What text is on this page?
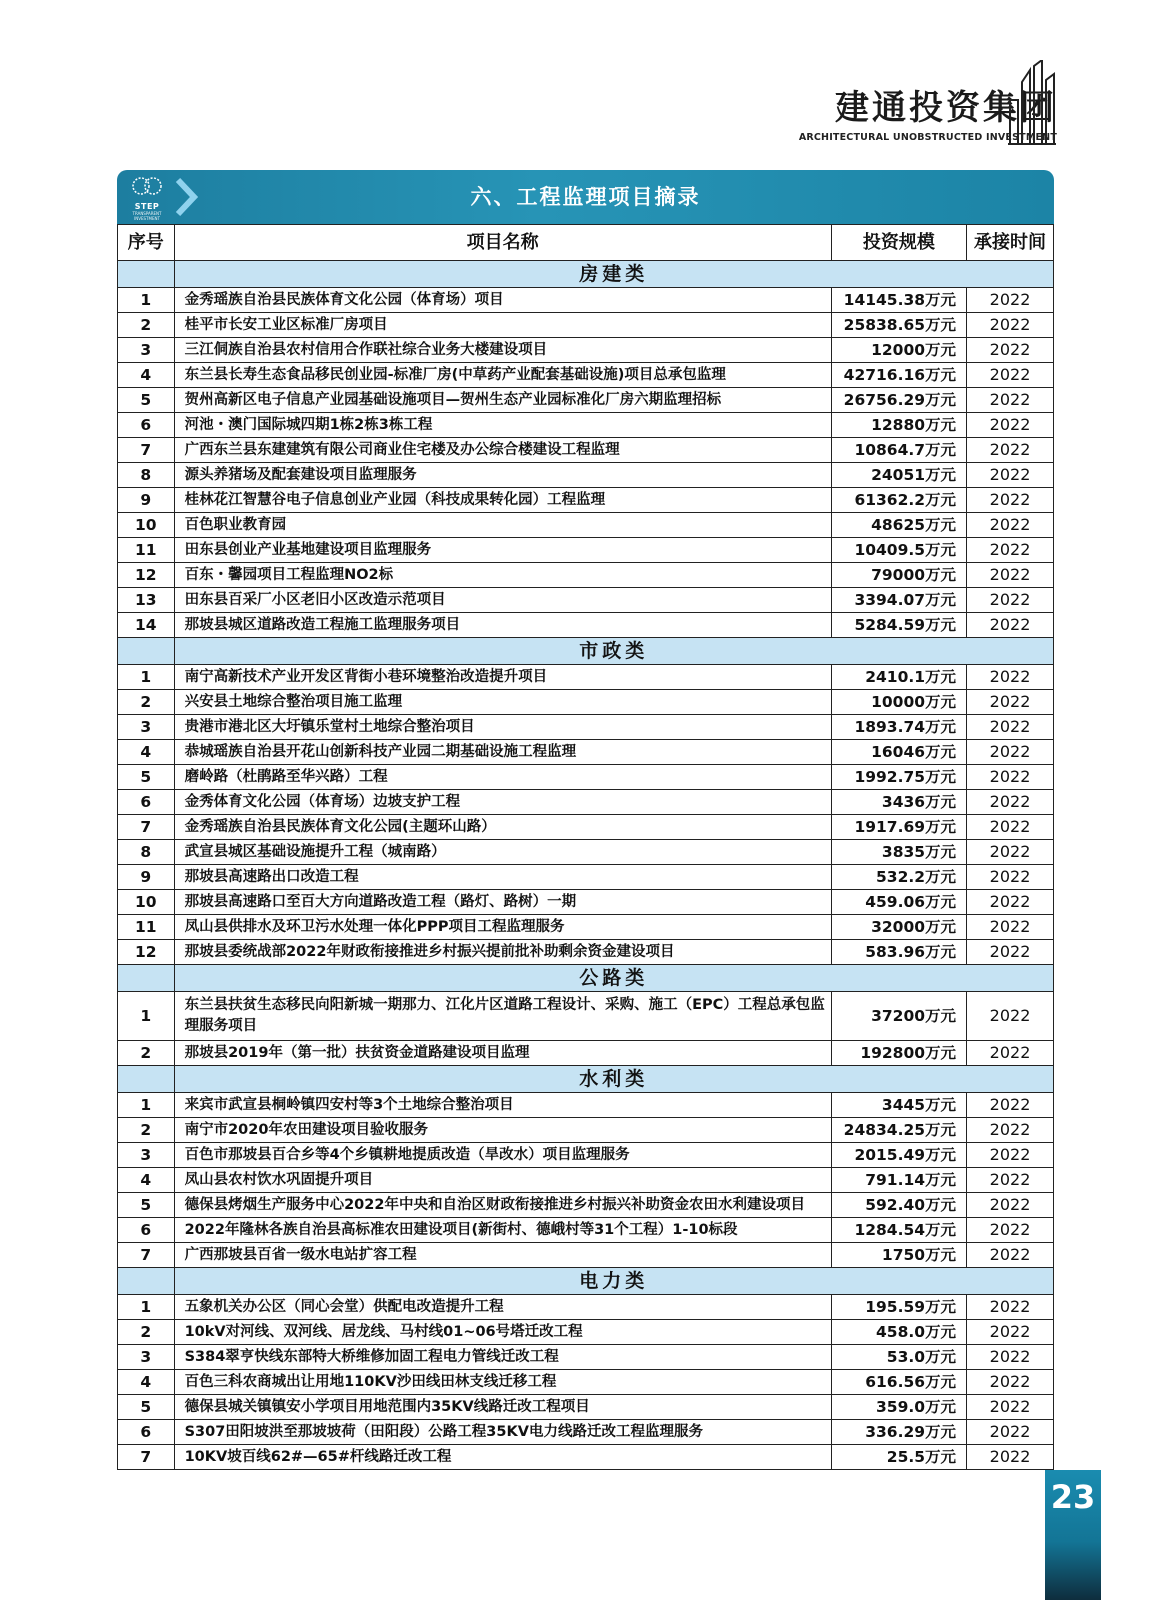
建通投资集团
ARCHITECTURAL UNOBSTRUCTED INVESTMENT
STEP
TRANSPARENT INVESTMENT
六、工程监理项目摘录
序号	项目名称	投资规模	承接时间
	房建类		
1	金秀瑶族自治县民族体育文化公园（体育场）项目	14145.38万元	2022
2	桂平市长安工业区标准厂房项目	25838.65万元	2022
3	三江侗族自治县农村信用合作联社综合业务大楼建设项目	12000万元	2022
4	东兰县长寿生态食品移民创业园-标准厂房(中草药产业配套基础设施)项目总承包监理	42716.16万元	2022
5	贺州高新区电子信息产业园基础设施项目—贺州生态产业园标准化厂房六期监理招标	26756.29万元	2022
6	河池・澳门国际城四期1栋2栋3栋工程	12880万元	2022
7	广西东兰县东建建筑有限公司商业住宅楼及办公综合楼建设工程监理	10864.7万元	2022
8	源头养猪场及配套建设项目监理服务	24051万元	2022
9	桂林花江智慧谷电子信息创业产业园（科技成果转化园）工程监理	61362.2万元	2022
10	百色职业教育园	48625万元	2022
11	田东县创业产业基地建设项目监理服务	10409.5万元	2022
12	百东・馨园项目工程监理NO2标	79000万元	2022
13	田东县百采厂小区老旧小区改造示范项目	3394.07万元	2022
14	那坡县城区道路改造工程施工监理服务项目	5284.59万元	2022
	市政类		
1	南宁高新技术产业开发区背街小巷环境整治改造提升项目	2410.1万元	2022
2	兴安县土地综合整治项目施工监理	10000万元	2022
3	贵港市港北区大圩镇乐堂村土地综合整治项目	1893.74万元	2022
4	恭城瑶族自治县开花山创新科技产业园二期基础设施工程监理	16046万元	2022
5	磨岭路（杜鹃路至华兴路）工程	1992.75万元	2022
6	金秀体育文化公园（体育场）边坡支护工程	3436万元	2022
7	金秀瑶族自治县民族体育文化公园(主题环山路）	1917.69万元	2022
8	武宣县城区基础设施提升工程（城南路）	3835万元	2022
9	那坡县高速路出口改造工程	532.2万元	2022
10	那坡县高速路口至百大方向道路改造工程（路灯、路树）一期	459.06万元	2022
11	凤山县供排水及环卫污水处理一体化PPP项目工程监理服务	32000万元	2022
12	那坡县委统战部2022年财政衔接推进乡村振兴提前批补助剩余资金建设项目	583.96万元	2022
	公路类		
1	东兰县扶贫生态移民向阳新城一期那力、江化片区道路工程设计、采购、施工（EPC）工程总承包监理服务项目	37200万元	2022
2	那坡县2019年（第一批）扶贫资金道路建设项目监理	192800万元	2022
	水利类		
1	来宾市武宣县桐岭镇四安村等3个土地综合整治项目	3445万元	2022
2	南宁市2020年农田建设项目验收服务	24834.25万元	2022
3	百色市那坡县百合乡等4个乡镇耕地提质改造（旱改水）项目监理服务	2015.49万元	2022
4	凤山县农村饮水巩固提升项目	791.14万元	2022
5	德保县烤烟生产服务中心2022年中央和自治区财政衔接推进乡村振兴补助资金农田水利建设项目	592.40万元	2022
6	2022年隆林各族自治县高标准农田建设项目(新街村、德峨村等31个工程）1-10标段	1284.54万元	2022
7	广西那坡县百省一级水电站扩容工程	1750万元	2022
	电力类		
1	五象机关办公区（同心会堂）供配电改造提升工程	195.59万元	2022
2	10kV对河线、双河线、居龙线、马村线01~06号塔迁改工程	458.0万元	2022
3	S384翠亨快线东部特大桥维修加固工程电力管线迁改工程	53.0万元	2022
4	百色三科农商城出让用地110KV沙田线田林支线迁移工程	616.56万元	2022
5	德保县城关镇镇安小学项目用地范围内35KV线路迁改工程项目	359.0万元	2022
6	S307田阳坡洪至那坡坡荷（田阳段）公路工程35KV电力线路迁改工程监理服务	336.29万元	2022
7	10KV坡百线62#—65#杆线路迁改工程	25.5万元	2022
23
